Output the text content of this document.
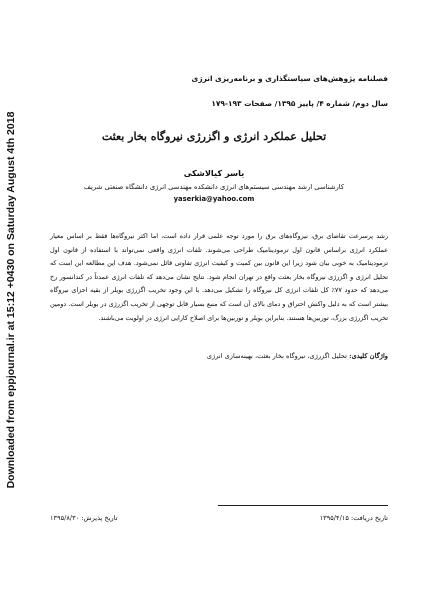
Downloaded from eppjournal.ir at 15:12 +0430 on Saturday August 4th 2018
فصلنامه پژوهش‌های سیاستگذاری و برنامه‌ریزی انرژی
سال دوم/ شماره ۴/ پاییز ۱۳۹۵/ صفحات ۱۹۳-۱۷۹
تحلیل عملکرد انرژی و اگزرژی نیروگاه بخار بعثت
یاسر کیالاشکی
کارشناسی ارشد مهندسی سیستم‌های انرژی دانشکده مهندسی انرژی دانشگاه صنعتی شریف
yaserkia@yahoo.com
رشد پرسرعت تقاضای برق، نیروگاه‌های برق را مورد توجه علمی قرار داده است، اما اکثر نیروگاه‌ها فقط بر اساس معیار عملکرد انرژی براساس قانون اول ترمودینامیک طراحی می‌شوند. تلفات انرژی واقعی نمی‌تواند با استفاده از قانون اول ترمودینامیک به خوبی بیان شود زیرا این قانون بین کمیت و کیفیت انرژی تفاوتی قائل نمی‌شود. هدف این مطالعه این است که تحلیل انرژی و اگزرژی نیروگاه بخار بعثت واقع در تهران انجام شود. نتایج نشان می‌دهد که تلفات انرژی عمدتاً در کندانسور رخ می‌دهد که حدود ۷۷٪ کل تلفات انرژی کل نیروگاه را تشکیل می‌دهد. با این وجود تخریب اگزرژی بویلر از بقیه اجزای نیروگاه بیشتر است که به دلیل واکنش احتراق و دمای بالای آن است که منبع بسیار قابل توجهی از تخریب اگزرژی در بویلر است. دومین تخریب اگزرژی بزرگ، توربین‌ها هستند. بنابراین بویلر و توربین‌ها برای اصلاح کارایی انرژی در اولویت می‌باشند.
واژگان کلیدی: تحلیل اگزرژی، نیروگاه بخار بعثت، بهینه‌سازی انرژی
تاریخ دریافت: ۱۳۹۵/۴/۱۵
تاریخ پذیرش: ۱۳۹۵/۸/۳۰
